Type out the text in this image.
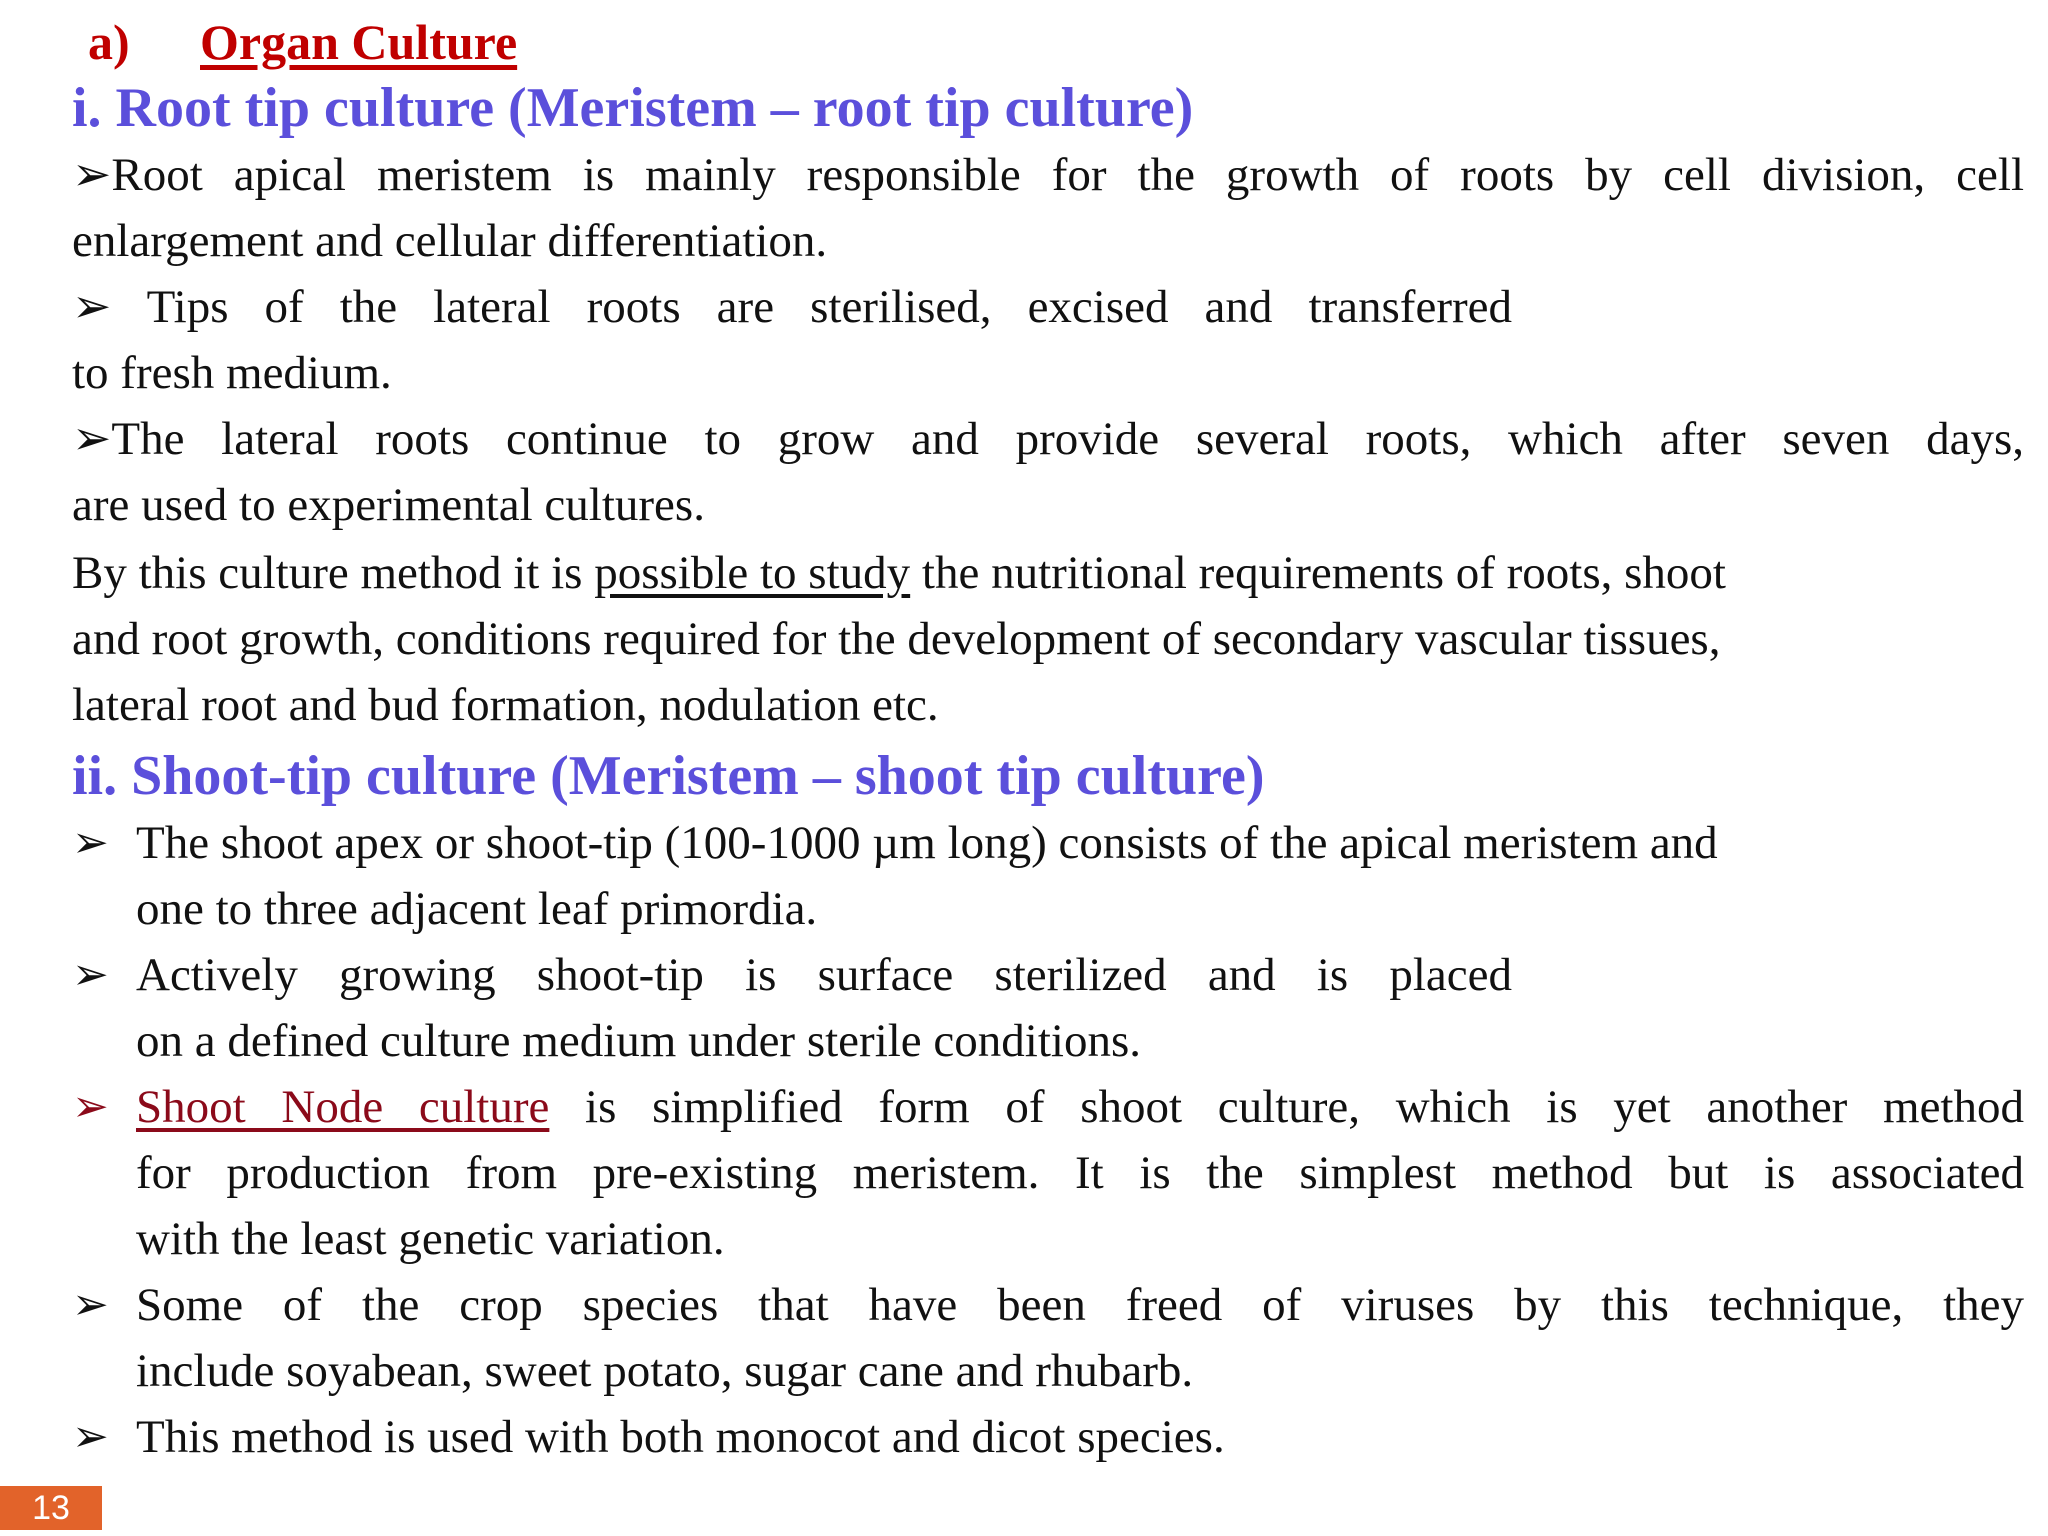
a) Organ Culture
i. Root tip culture (Meristem – root tip culture)
➢Root apical meristem is mainly responsible for the growth of roots by cell division, cell
enlargement and cellular differentiation.
➢ Tips of the lateral roots are sterilised, excised and transferred
to fresh medium.
➢The lateral roots continue to grow and provide several roots, which after seven days,
are used to experimental cultures.
By this culture method it is possible to study the nutritional requirements of roots, shoot
and root growth, conditions required for the development of secondary vascular tissues,
lateral root and bud formation, nodulation etc.
ii. Shoot-tip culture (Meristem – shoot tip culture)
➢ The shoot apex or shoot-tip (100-1000 µm long) consists of the apical meristem and
one to three adjacent leaf primordia.
➢ Actively growing shoot-tip is surface sterilized and is placed
on a defined culture medium under sterile conditions.
➢ Shoot Node culture is simplified form of shoot culture, which is yet another method
for production from pre-existing meristem. It is the simplest method but is associated
with the least genetic variation.
➢ Some of the crop species that have been freed of viruses by this technique, they
include soyabean, sweet potato, sugar cane and rhubarb.
➢ This method is used with both monocot and dicot species.
13
